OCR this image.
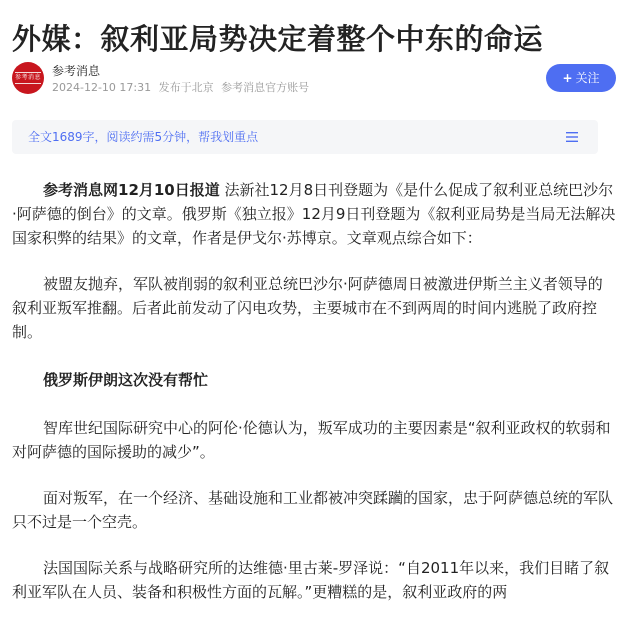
外媒：叙利亚局势决定着整个中东的命运
参考消息 参考消息
2024-12-10 17:31 发布于北京 参考消息官方账号
+ 关注
全文1689字，阅读约需5分钟，帮我划重点

参考消息网12月10日报道 法新社12月8日刊登题为《是什么促成了叙利亚总统巴沙尔·阿萨德的倒台》的文章。俄罗斯《独立报》12月9日刊登题为《叙利亚局势是当局无法解决国家积弊的结果》的文章，作者是伊戈尔·苏博京。文章观点综合如下：

被盟友抛弃，军队被削弱的叙利亚总统巴沙尔·阿萨德周日被激进伊斯兰主义者领导的叙利亚叛军推翻。后者此前发动了闪电攻势，主要城市在不到两周的时间内逃脱了政府控制。

俄罗斯伊朗这次没有帮忙

智库世纪国际研究中心的阿伦·伦德认为，叛军成功的主要因素是“叙利亚政权的软弱和对阿萨德的国际援助的减少”。

面对叛军，在一个经济、基础设施和工业都被冲突蹂躏的国家，忠于阿萨德总统的军队只不过是一个空壳。

法国国际关系与战略研究所的达维德·里古莱-罗泽说：“自2011年以来，我们目睹了叙利亚军队在人员、装备和积极性方面的瓦解。”更糟糕的是，叙利亚政府的两
